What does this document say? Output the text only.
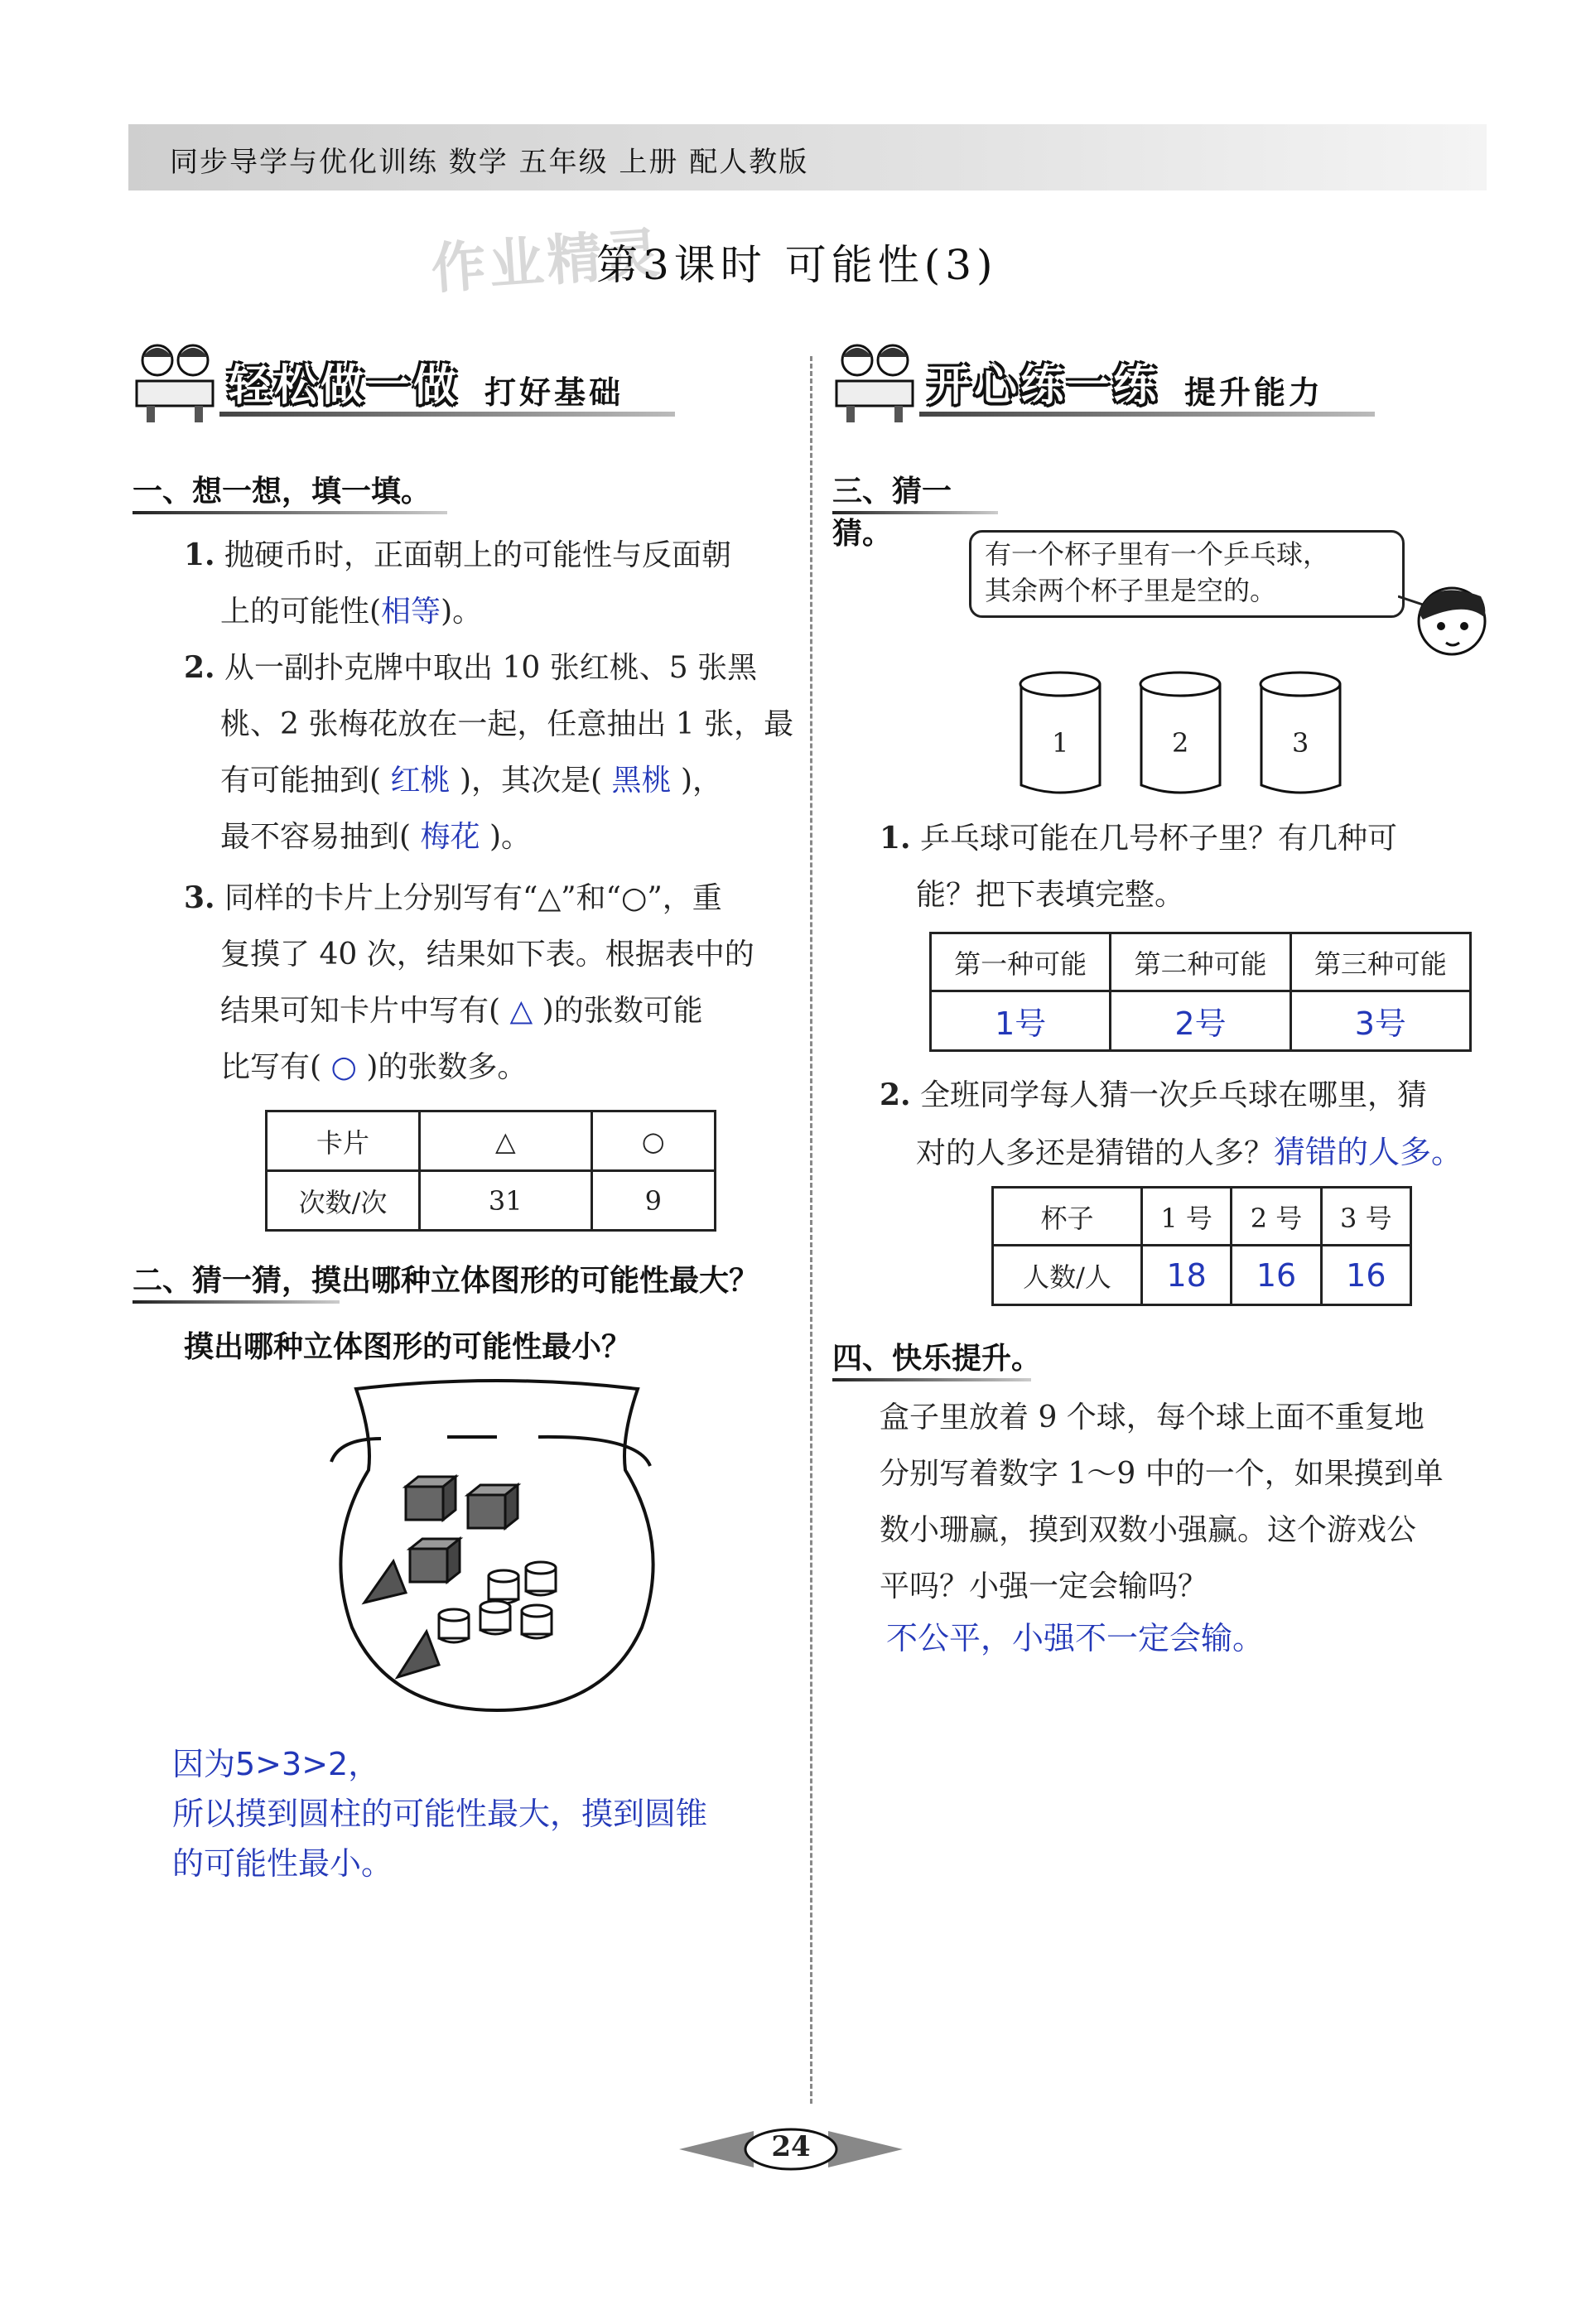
同步导学与优化训练 数学 五年级 上册 配人教版
作业精灵
第3课时 可能性(3)
轻松做一做 打好基础
一、想一想，填一填。
1. 抛硬币时，正面朝上的可能性与反面朝
上的可能性(相等)。
2. 从一副扑克牌中取出 10 张红桃、5 张黑
桃、2 张梅花放在一起，任意抽出 1 张，最
有可能抽到( 红桃 )，其次是( 黑桃 )，
最不容易抽到( 梅花 )。
3. 同样的卡片上分别写有“△”和“○”，重
复摸了 40 次，结果如下表。根据表中的
结果可知卡片中写有( △ )的张数可能
比写有( ○ )的张数多。
卡片	△	○
次数/次	31	9
二、猜一猜，摸出哪种立体图形的可能性最大？
摸出哪种立体图形的可能性最小？
因为5>3>2，
所以摸到圆柱的可能性最大，摸到圆锥
的可能性最小。
开心练一练 提升能力
三、猜一猜。
有一个杯子里有一个乒乓球，
其余两个杯子里是空的。
1	2	3
1. 乒乓球可能在几号杯子里？有几种可
能？把下表填完整。
第一种可能	第二种可能	第三种可能
1号	2号	3号
2. 全班同学每人猜一次乒乓球在哪里，猜
对的人多还是猜错的人多？猜错的人多。
杯子	1 号	2 号	3 号
人数/人	18	16	16
四、快乐提升。
盒子里放着 9 个球，每个球上面不重复地
分别写着数字 1～9 中的一个，如果摸到单
数小珊赢，摸到双数小强赢。这个游戏公
平吗？小强一定会输吗？
不公平，小强不一定会输。
24
